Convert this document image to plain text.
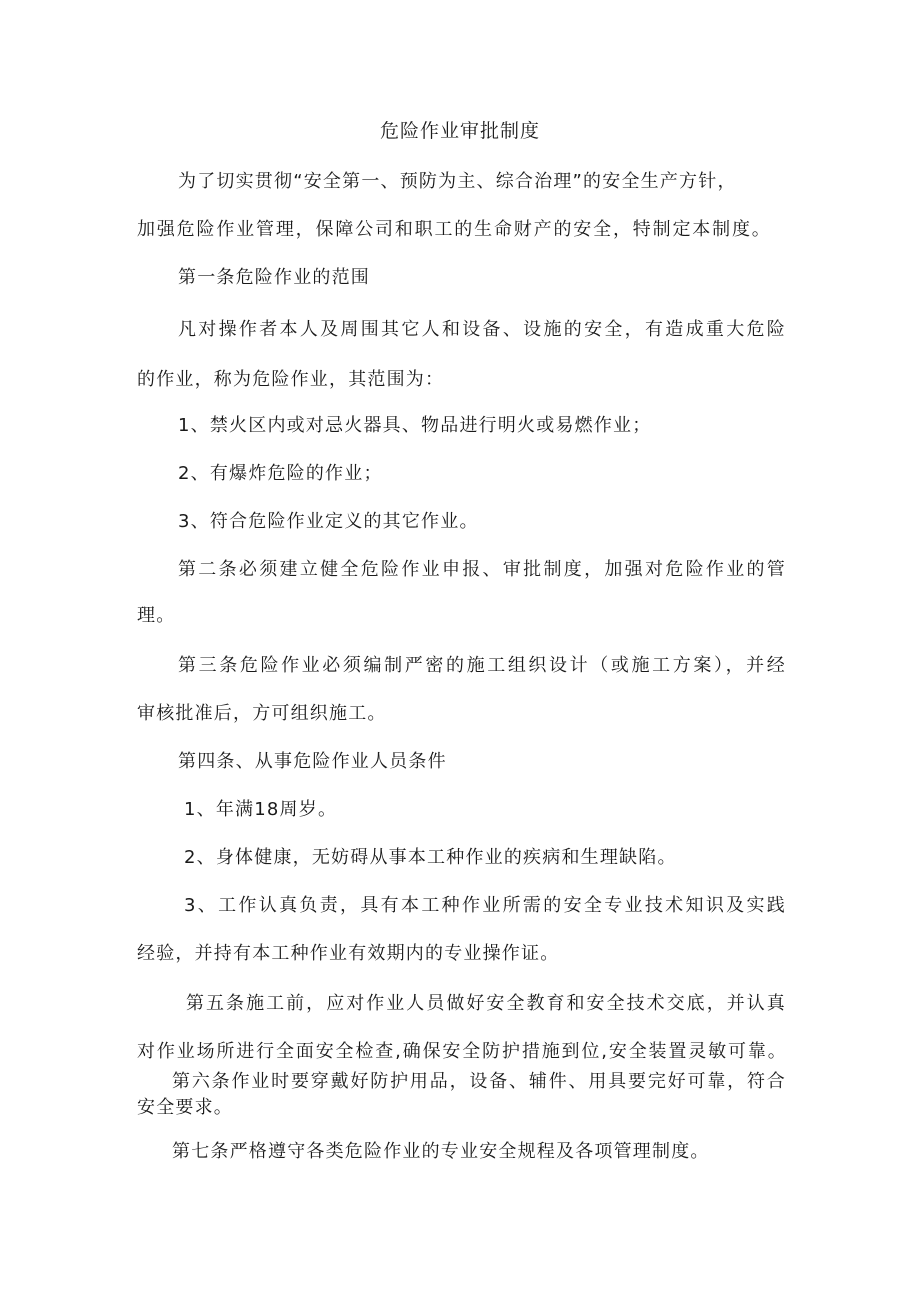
危险作业审批制度
为了切实贯彻“安全第一、预防为主、综合治理”的安全生产方针，
加强危险作业管理，保障公司和职工的生命财产的安全，特制定本制度。
第一条危险作业的范围
凡对操作者本人及周围其它人和设备、设施的安全，有造成重大危险
的作业，称为危险作业，其范围为：
1、禁火区内或对忌火器具、物品进行明火或易燃作业；
2、有爆炸危险的作业；
3、符合危险作业定义的其它作业。
第二条必须建立健全危险作业申报、审批制度，加强对危险作业的管
理。
第三条危险作业必须编制严密的施工组织设计（或施工方案），并经
审核批准后，方可组织施工。
第四条、从事危险作业人员条件
1、年满18周岁。
2、身体健康，无妨碍从事本工种作业的疾病和生理缺陷。
3、工作认真负责，具有本工种作业所需的安全专业技术知识及实践
经验，并持有本工种作业有效期内的专业操作证。
第五条施工前，应对作业人员做好安全教育和安全技术交底，并认真
对作业场所进行全面安全检查,确保安全防护措施到位,安全装置灵敏可靠。
第六条作业时要穿戴好防护用品，设备、辅件、用具要完好可靠，符合
安全要求。
第七条严格遵守各类危险作业的专业安全规程及各项管理制度。
